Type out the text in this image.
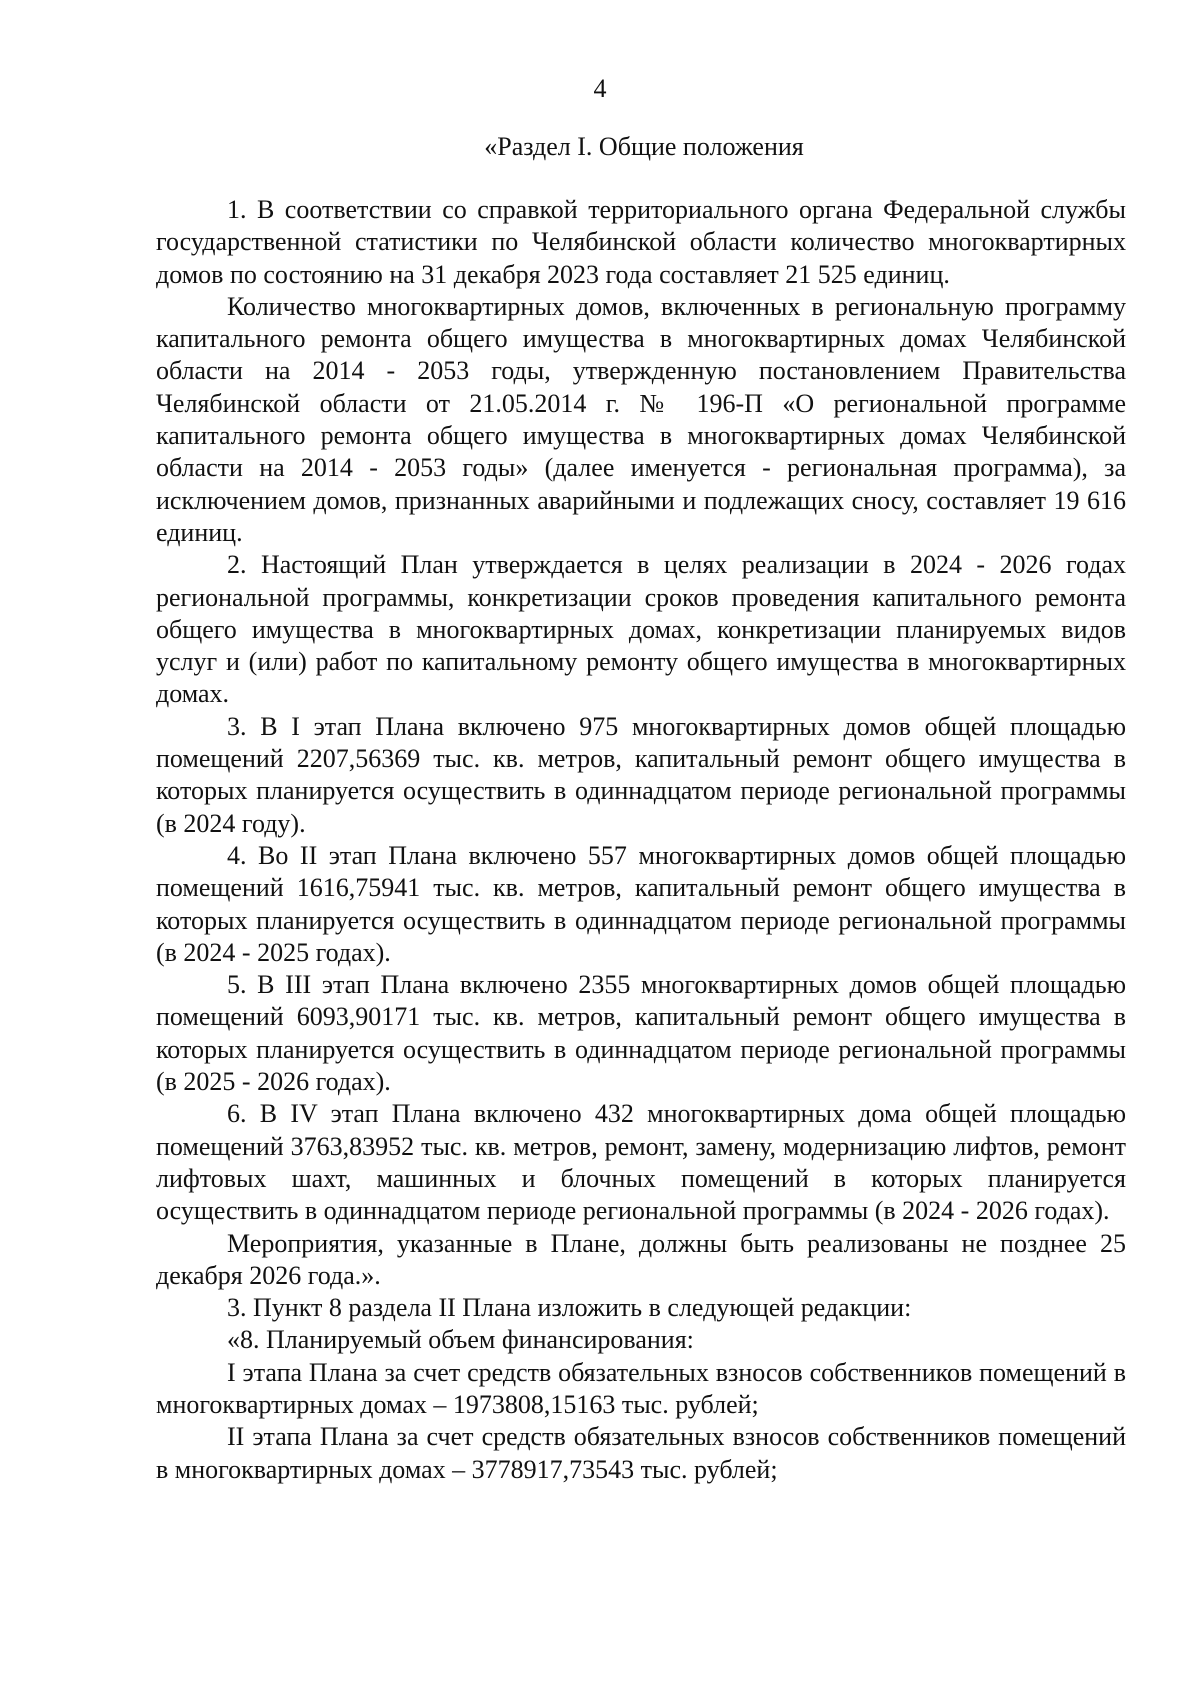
4
«Раздел I. Общие положения

1. В соответствии со справкой территориального органа Федеральной службы государственной статистики по Челябинской области количество многоквартирных домов по состоянию на 31 декабря 2023 года составляет 21 525 единиц.

Количество многоквартирных домов, включенных в региональную программу капитального ремонта общего имущества в многоквартирных домах Челябинской области на 2014 - 2053 годы, утвержденную постановлением Правительства Челябинской области от 21.05.2014 г. № 196-П «О региональной программе капитального ремонта общего имущества в многоквартирных домах Челябинской области на 2014 - 2053 годы» (далее именуется - региональная программа), за исключением домов, признанных аварийными и подлежащих сносу, составляет 19 616 единиц.

2. Настоящий План утверждается в целях реализации в 2024 - 2026 годах региональной программы, конкретизации сроков проведения капитального ремонта общего имущества в многоквартирных домах, конкретизации планируемых видов услуг и (или) работ по капитальному ремонту общего имущества в многоквартирных домах.

3. В I этап Плана включено 975 многоквартирных домов общей площадью помещений 2207,56369 тыс. кв. метров, капитальный ремонт общего имущества в которых планируется осуществить в одиннадцатом периоде региональной программы (в 2024 году).

4. Во II этап Плана включено 557 многоквартирных домов общей площадью помещений 1616,75941 тыс. кв. метров, капитальный ремонт общего имущества в которых планируется осуществить в одиннадцатом периоде региональной программы (в 2024 - 2025 годах).

5. В III этап Плана включено 2355 многоквартирных домов общей площадью помещений 6093,90171 тыс. кв. метров, капитальный ремонт общего имущества в которых планируется осуществить в одиннадцатом периоде региональной программы (в 2025 - 2026 годах).

6. В IV этап Плана включено 432 многоквартирных дома общей площадью помещений 3763,83952 тыс. кв. метров, ремонт, замену, модернизацию лифтов, ремонт лифтовых шахт, машинных и блочных помещений в которых планируется осуществить в одиннадцатом периоде региональной программы (в 2024 - 2026 годах).

Мероприятия, указанные в Плане, должны быть реализованы не позднее 25 декабря 2026 года.».

3. Пункт 8 раздела II Плана изложить в следующей редакции:

«8. Планируемый объем финансирования:

I этапа Плана за счет средств обязательных взносов собственников помещений в многоквартирных домах – 1973808,15163 тыс. рублей;

II этапа Плана за счет средств обязательных взносов собственников помещений в многоквартирных домах – 3778917,73543 тыс. рублей;
